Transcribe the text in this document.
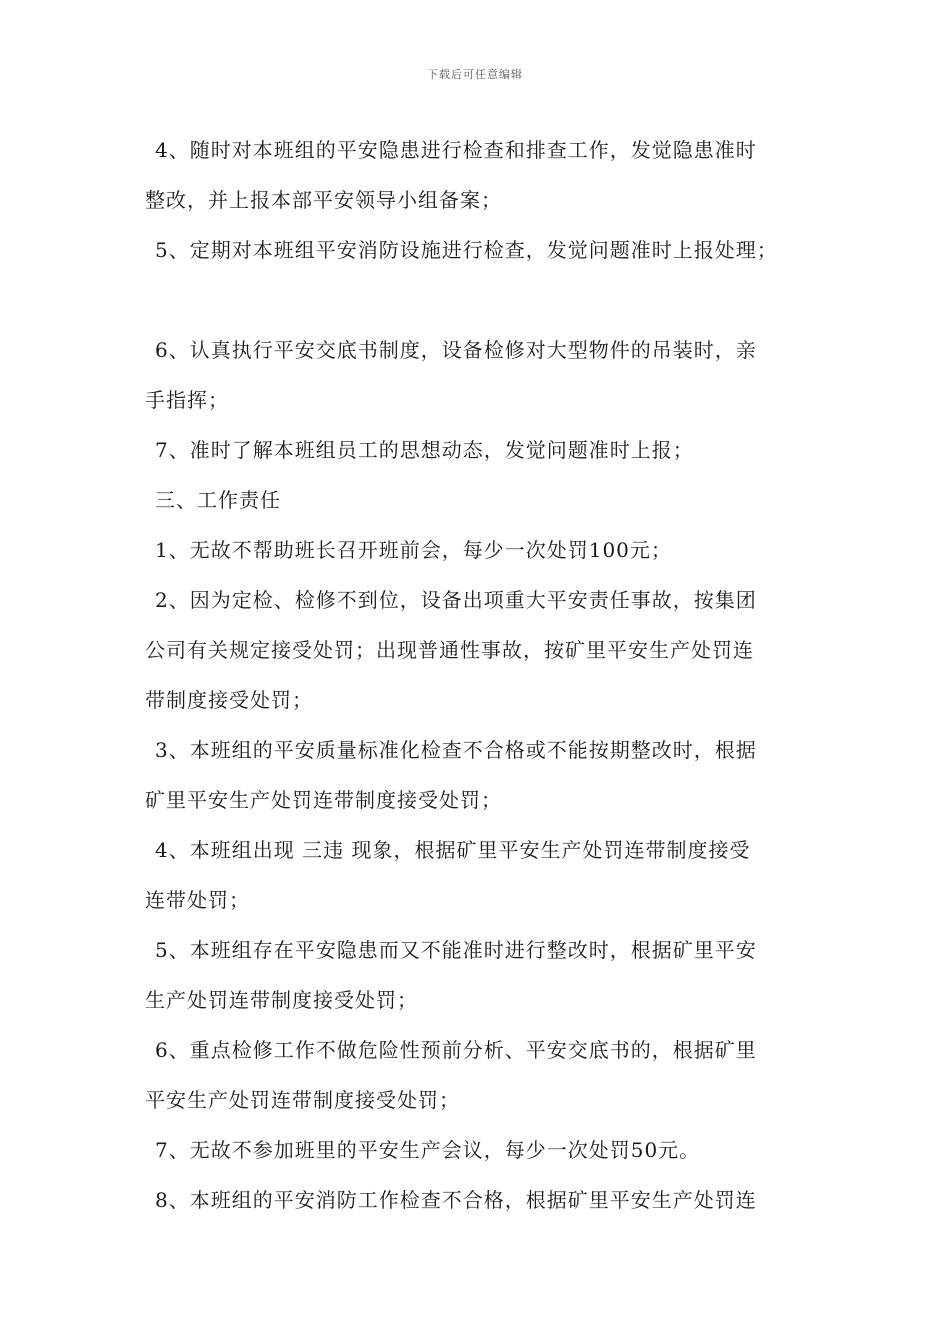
下载后可任意编辑
4、随时对本班组的平安隐患进行检查和排查工作，发觉隐患准时
整改，并上报本部平安领导小组备案；
5、定期对本班组平安消防设施进行检查，发觉问题准时上报处理；
6、认真执行平安交底书制度，设备检修对大型物件的吊装时，亲
手指挥；
7、准时了解本班组员工的思想动态，发觉问题准时上报；
三、工作责任
1、无故不帮助班长召开班前会，每少一次处罚100元；
2、因为定检、检修不到位，设备出项重大平安责任事故，按集团
公司有关规定接受处罚；出现普通性事故，按矿里平安生产处罚连
带制度接受处罚；
3、本班组的平安质量标准化检查不合格或不能按期整改时，根据
矿里平安生产处罚连带制度接受处罚；
4、本班组出现 三违 现象，根据矿里平安生产处罚连带制度接受
连带处罚；
5、本班组存在平安隐患而又不能准时进行整改时，根据矿里平安
生产处罚连带制度接受处罚；
6、重点检修工作不做危险性预前分析、平安交底书的，根据矿里
平安生产处罚连带制度接受处罚；
7、无故不参加班里的平安生产会议，每少一次处罚50元。
8、本班组的平安消防工作检查不合格，根据矿里平安生产处罚连
